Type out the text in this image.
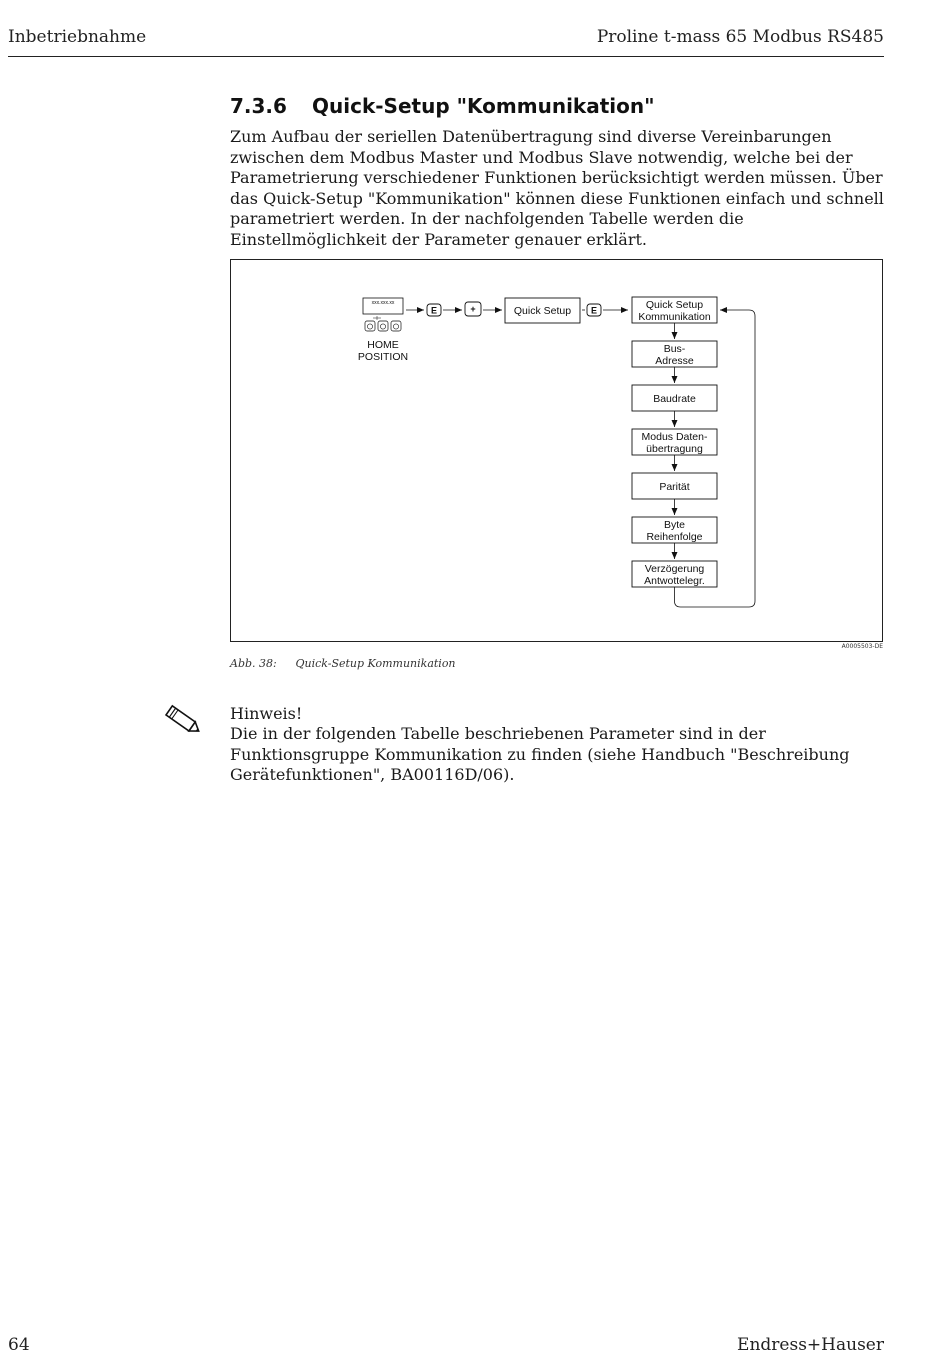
Inbetriebnahme	Proline t-mass 65 Modbus RS485
7.3.6	Quick-Setup "Kommunikation"

Zum Aufbau der seriellen Datenübertragung sind diverse Vereinbarungen zwischen dem Modbus Master und Modbus Slave notwendig, welche bei der Parametrierung verschiedener Funktionen berücksichtigt werden müssen. Über das Quick-Setup "Kommunikation" können diese Funktionen einfach und schnell parametriert werden. In der nachfolgenden Tabelle werden die Einstellmöglichkeit der Parameter genauer erklärt.

xxx.xxx.xx
HOME
POSITION
E	+	Quick Setup E	Quick Setup
Kommunikation
Bus-
Adresse
Baudrate
Modus Daten-
übertragung
Parität
Byte
Reihenfolge
Verzögerung
Antwottelegr.
A0005503-DE
Abb. 38: Quick-Setup Kommunikation
Hinweis!

Die in der folgenden Tabelle beschriebenen Parameter sind in der Funktionsgruppe Kommunikation zu finden (siehe Handbuch "Beschreibung Gerätefunktionen", BA00116D/06).

64	Endress+Hauser
